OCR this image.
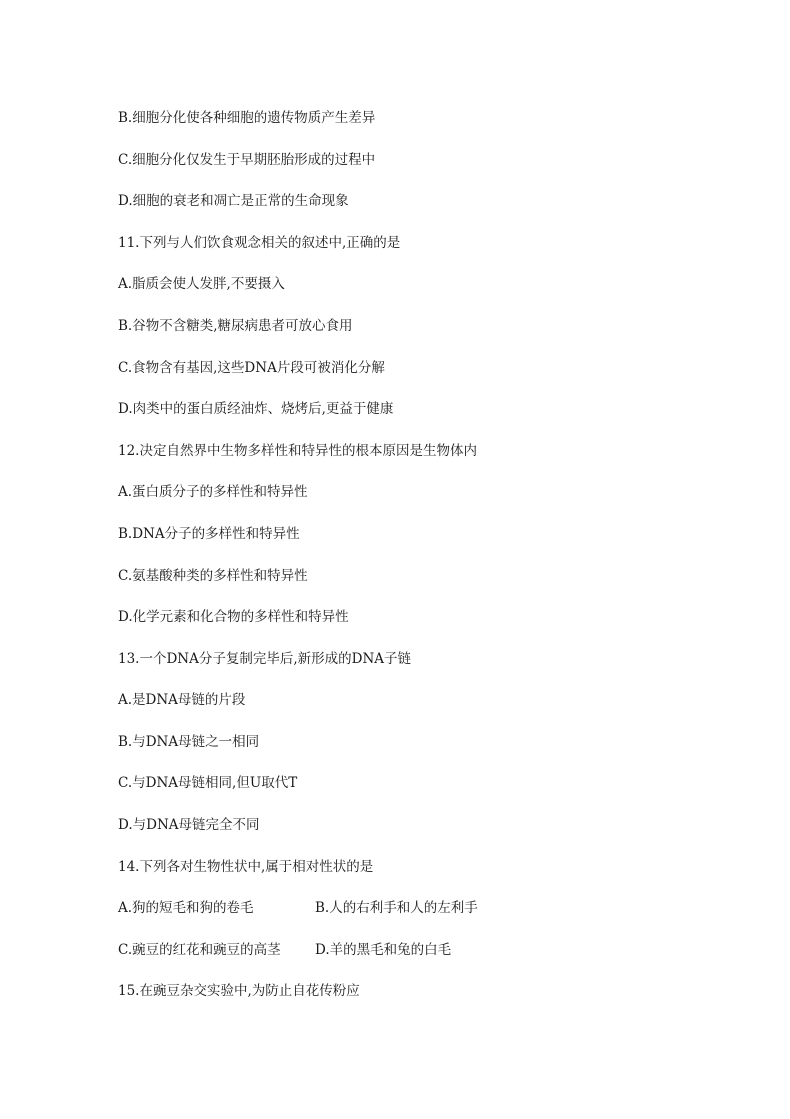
B.细胞分化使各种细胞的遗传物质产生差异
C.细胞分化仅发生于早期胚胎形成的过程中
D.细胞的衰老和凋亡是正常的生命现象
11.下列与人们饮食观念相关的叙述中,正确的是
A.脂质会使人发胖,不要摄入
B.谷物不含糖类,糖尿病患者可放心食用
C.食物含有基因,这些DNA片段可被消化分解
D.肉类中的蛋白质经油炸、烧烤后,更益于健康
12.决定自然界中生物多样性和特异性的根本原因是生物体内
A.蛋白质分子的多样性和特异性
B.DNA分子的多样性和特异性
C.氨基酸种类的多样性和特异性
D.化学元素和化合物的多样性和特异性
13.一个DNA分子复制完毕后,新形成的DNA子链
A.是DNA母链的片段
B.与DNA母链之一相同
C.与DNA母链相同,但U取代T
D.与DNA母链完全不同
14.下列各对生物性状中,属于相对性状的是
A.狗的短毛和狗的卷毛	B.人的右利手和人的左利手
C.豌豆的红花和豌豆的高茎	D.羊的黑毛和兔的白毛
15.在豌豆杂交实验中,为防止自花传粉应
